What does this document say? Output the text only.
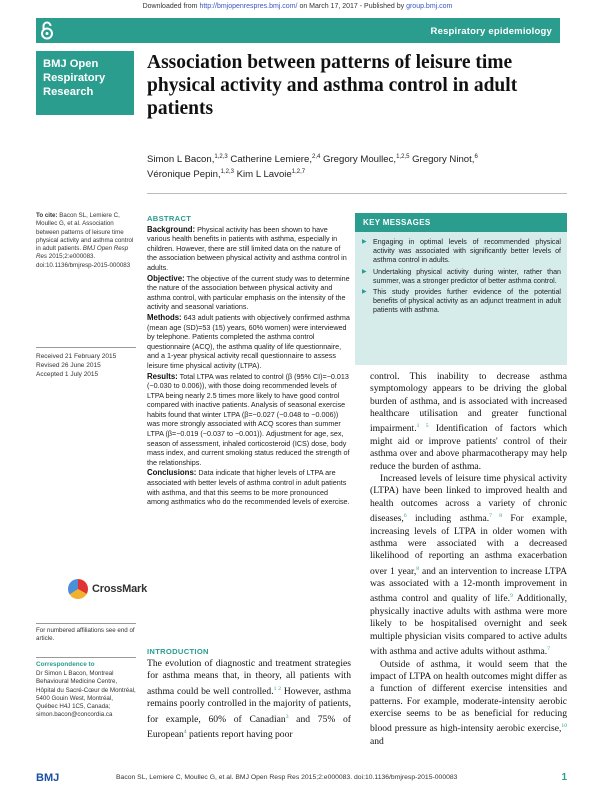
Downloaded from http://bmjopenrespres.bmj.com/ on March 17, 2017 - Published by group.bmj.com
Respiratory epidemiology
BMJ Open
Respiratory
Research
Association between patterns of leisure time physical activity and asthma control in adult patients
Simon L Bacon,$^{1,2,3}$ Catherine Lemiere,$^{2,4}$ Gregory Moullec,$^{1,2,5}$ Gregory Ninot,$^6$
Véronique Pepin,$^{1,2,3}$ Kim L Lavoie$^{1,2,7}$
To cite: Bacon SL, Lemiere C, Moullec G, et al. Association between patterns of leisure time physical activity and asthma control in adult patients. BMJ Open Resp Res 2015;2:e000083. doi:10.1136/bmjresp-2015-000083
Received 21 February 2015
Revised 26 June 2015
Accepted 1 July 2015
CrossMark
For numbered affiliations see end of article.
Correspondence to
Dr Simon L Bacon, Montreal Behavioural Medicine Centre, Hôpital du Sacré-Cœur de Montréal, 5400 Gouin West, Montréal, Québec H4J 1C5, Canada; simon.bacon@concordia.ca
ABSTRACT

Background: Physical activity has been shown to have various health benefits in patients with asthma, especially in children. However, there are still limited data on the nature of the association between physical activity and asthma control in adults.

Objective: The objective of the current study was to determine the nature of the association between physical activity and asthma control, with particular emphasis on the intensity of the activity and seasonal variations.

Methods: 643 adult patients with objectively confirmed asthma (mean age (SD)=53 (15) years, 60% women) were interviewed by telephone. Patients completed the asthma control questionnaire (ACQ), the asthma quality of life questionnaire, and a 1-year physical activity recall questionnaire to assess leisure time physical activity (LTPA).

Results: Total LTPA was related to control (β (95% CI)=−0.013 (−0.030 to 0.006)), with those doing recommended levels of LTPA being nearly 2.5 times more likely to have good control compared with inactive patients. Analysis of seasonal exercise habits found that winter LTPA (β=−0.027 (−0.048 to −0.006)) was more strongly associated with ACQ scores than summer LTPA (β=−0.019 (−0.037 to −0.001)). Adjustment for age, sex, season of assessment, inhaled corticosteroid (ICS) dose, body mass index, and current smoking status reduced the strength of the relationships.

Conclusions: Data indicate that higher levels of LTPA are associated with better levels of asthma control in adult patients with asthma, and that this seems to be more pronounced among asthmatics who do the recommended levels of exercise.

KEY MESSAGES
▶ Engaging in optimal levels of recommended physical activity was associated with significantly better levels of asthma control in adults.
▶ Undertaking physical activity during winter, rather than summer, was a stronger predictor of better asthma control.
▶ This study provides further evidence of the potential benefits of physical activity as an adjunct treatment in adult patients with asthma.
INTRODUCTION

The evolution of diagnostic and treatment strategies for asthma means that, in theory, all patients with asthma could be well controlled.$^{1 2}$ However, asthma remains poorly controlled in the majority of patients, for example, 60% of Canadian$^3$ and 75% of European$^4$ patients report having poor

control. This inability to decrease asthma symptomology appears to be driving the global burden of asthma, and is associated with increased healthcare utilisation and greater functional impairment.$^{1 5}$ Identification of factors which might aid or improve patients' control of their asthma over and above pharmacotherapy may help reduce the burden of asthma.

Increased levels of leisure time physical activity (LTPA) have been linked to improved health and health outcomes across a variety of chronic diseases,$^6$ including asthma.$^{7 8}$ For example, increasing levels of LTPA in older women with asthma were associated with a decreased likelihood of reporting an asthma exacerbation over 1 year,$^8$ and an intervention to increase LTPA was associated with a 12-month improvement in asthma control and quality of life.$^9$ Additionally, physically inactive adults with asthma were more likely to be hospitalised overnight and seek multiple physician visits compared to active adults with asthma and active adults without asthma.$^7$

Outside of asthma, it would seem that the impact of LTPA on health outcomes might differ as a function of different exercise intensities and patterns. For example, moderate-intensity aerobic exercise seems to be as beneficial for reducing blood pressure as high-intensity aerobic exercise,$^{10}$ and

BMJ	Bacon SL, Lemiere C, Moullec G, et al. BMJ Open Resp Res 2015;2:e000083. doi:10.1136/bmjresp-2015-000083	1
